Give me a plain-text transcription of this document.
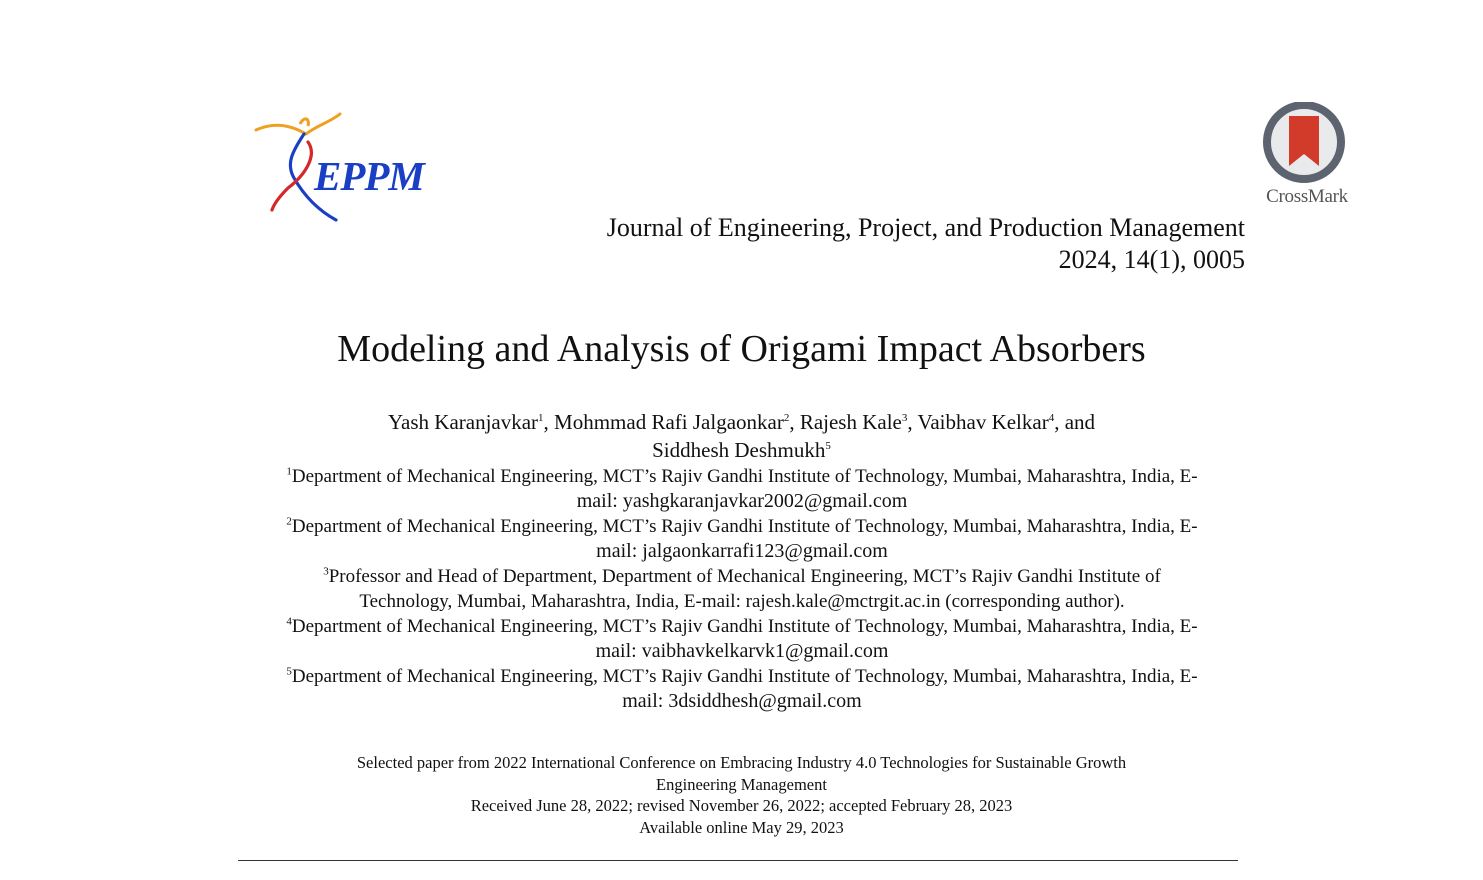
EPPM	CrossMark
Journal of Engineering, Project, and Production Management
2024, 14(1), 0005
Modeling and Analysis of Origami Impact Absorbers
Yash Karanjavkar$^1$, Mohmmad Rafi Jalgaonkar$^2$, Rajesh Kale$^3$, Vaibhav Kelkar$^4$, and
Siddhesh Deshmukh$^5$
$^1$Department of Mechanical Engineering, MCT’s Rajiv Gandhi Institute of Technology, Mumbai, Maharashtra, India, E-
mail: yashgkaranjavkar2002@gmail.com
$^2$Department of Mechanical Engineering, MCT’s Rajiv Gandhi Institute of Technology, Mumbai, Maharashtra, India, E-
mail: jalgaonkarrafi123@gmail.com
$^3$Professor and Head of Department, Department of Mechanical Engineering, MCT’s Rajiv Gandhi Institute of
Technology, Mumbai, Maharashtra, India, E-mail: rajesh.kale@mctrgit.ac.in (corresponding author).
$^4$Department of Mechanical Engineering, MCT’s Rajiv Gandhi Institute of Technology, Mumbai, Maharashtra, India, E-
mail: vaibhavkelkarvk1@gmail.com
$^5$Department of Mechanical Engineering, MCT’s Rajiv Gandhi Institute of Technology, Mumbai, Maharashtra, India, E-
mail: 3dsiddhesh@gmail.com
Selected paper from 2022 International Conference on Embracing Industry 4.0 Technologies for Sustainable Growth
Engineering Management
Received June 28, 2022; revised November 26, 2022; accepted February 28, 2023
Available online May 29, 2023
